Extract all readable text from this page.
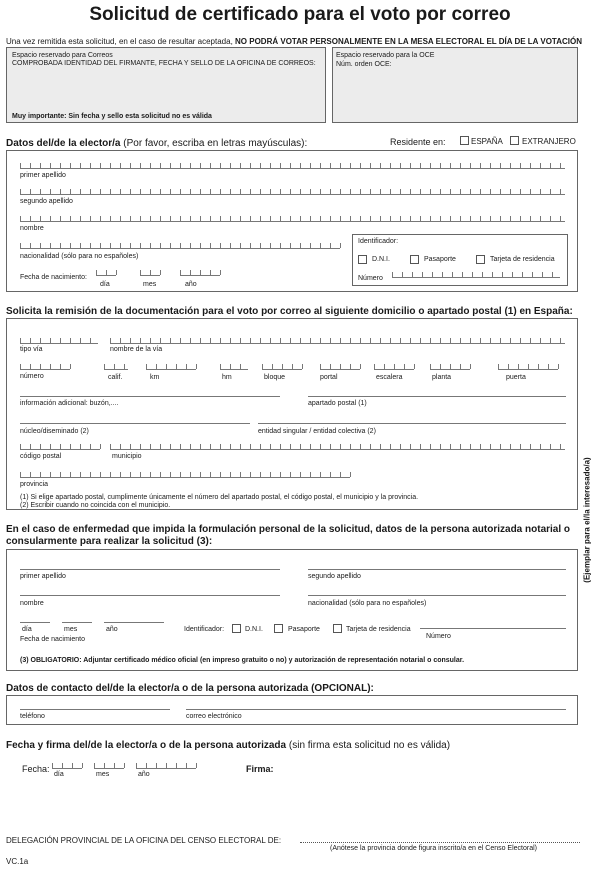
Solicitud de certificado para el voto por correo
Una vez remitida esta solicitud, en el caso de resultar aceptada, NO PODRÁ VOTAR PERSONALMENTE EN LA MESA ELECTORAL EL DÍA DE LA VOTACIÓN
Espacio reservado para Correos
COMPROBADA IDENTIDAD DEL FIRMANTE, FECHA Y SELLO DE LA OFICINA DE CORREOS:
Muy importante: Sin fecha y sello esta solicitud no es válida
Espacio reservado para la OCE
Núm. orden OCE:
Datos del/de la elector/a (Por favor, escriba en letras mayúsculas):	Residente en:	ESPAÑA EXTRANJERO
primer apellido
segundo apellido
nombre
nacionalidad (sólo para no españoles)
Fecha de nacimiento:
día	mes	año
Identificador:
D.N.I.	Pasaporte	Tarjeta de residencia
Número
Solicita la remisión de la documentación para el voto por correo al siguiente domicilio o apartado postal (1) en España:
tipo vía	nombre de la vía
número	calif.	km	hm	bloque	portal	escalera	planta	puerta
información adicional: buzón,....	apartado postal (1)
núcleo/diseminado (2)	entidad singular / entidad colectiva (2)
código postal	municipio
provincia
(1) Si elige apartado postal, cumplimente únicamente el número del apartado postal, el código postal, el municipio y la provincia.
(2) Escribir cuando no coincida con el municipio.	(Ejemplar para el/la interesado/a)
En el caso de enfermedad que impida la formulación personal de la solicitud, datos de la persona autorizada notarial o
consularmente para realizar la solicitud (3):
primer apellido	segundo apellido
nombre	nacionalidad (sólo para no españoles)
día	mes	año
Fecha de nacimiento
Identificador:	D.N.I.	Pasaporte	Tarjeta de residencia
Número
(3) OBLIGATORIO: Adjuntar certificado médico oficial (en impreso gratuito o no) y autorización de representación notarial o consular.
Datos de contacto del/de la elector/a o de la persona autorizada (OPCIONAL):
teléfono	correo electrónico
Fecha y firma del/de la elector/a o de la persona autorizada (sin firma esta solicitud no es válida)
Fecha:
día	mes	año
Firma:
DELEGACIÓN PROVINCIAL DE LA OFICINA DEL CENSO ELECTORAL DE:
(Anótese la provincia donde figura inscrito/a en el Censo Electoral)
VC.1a
